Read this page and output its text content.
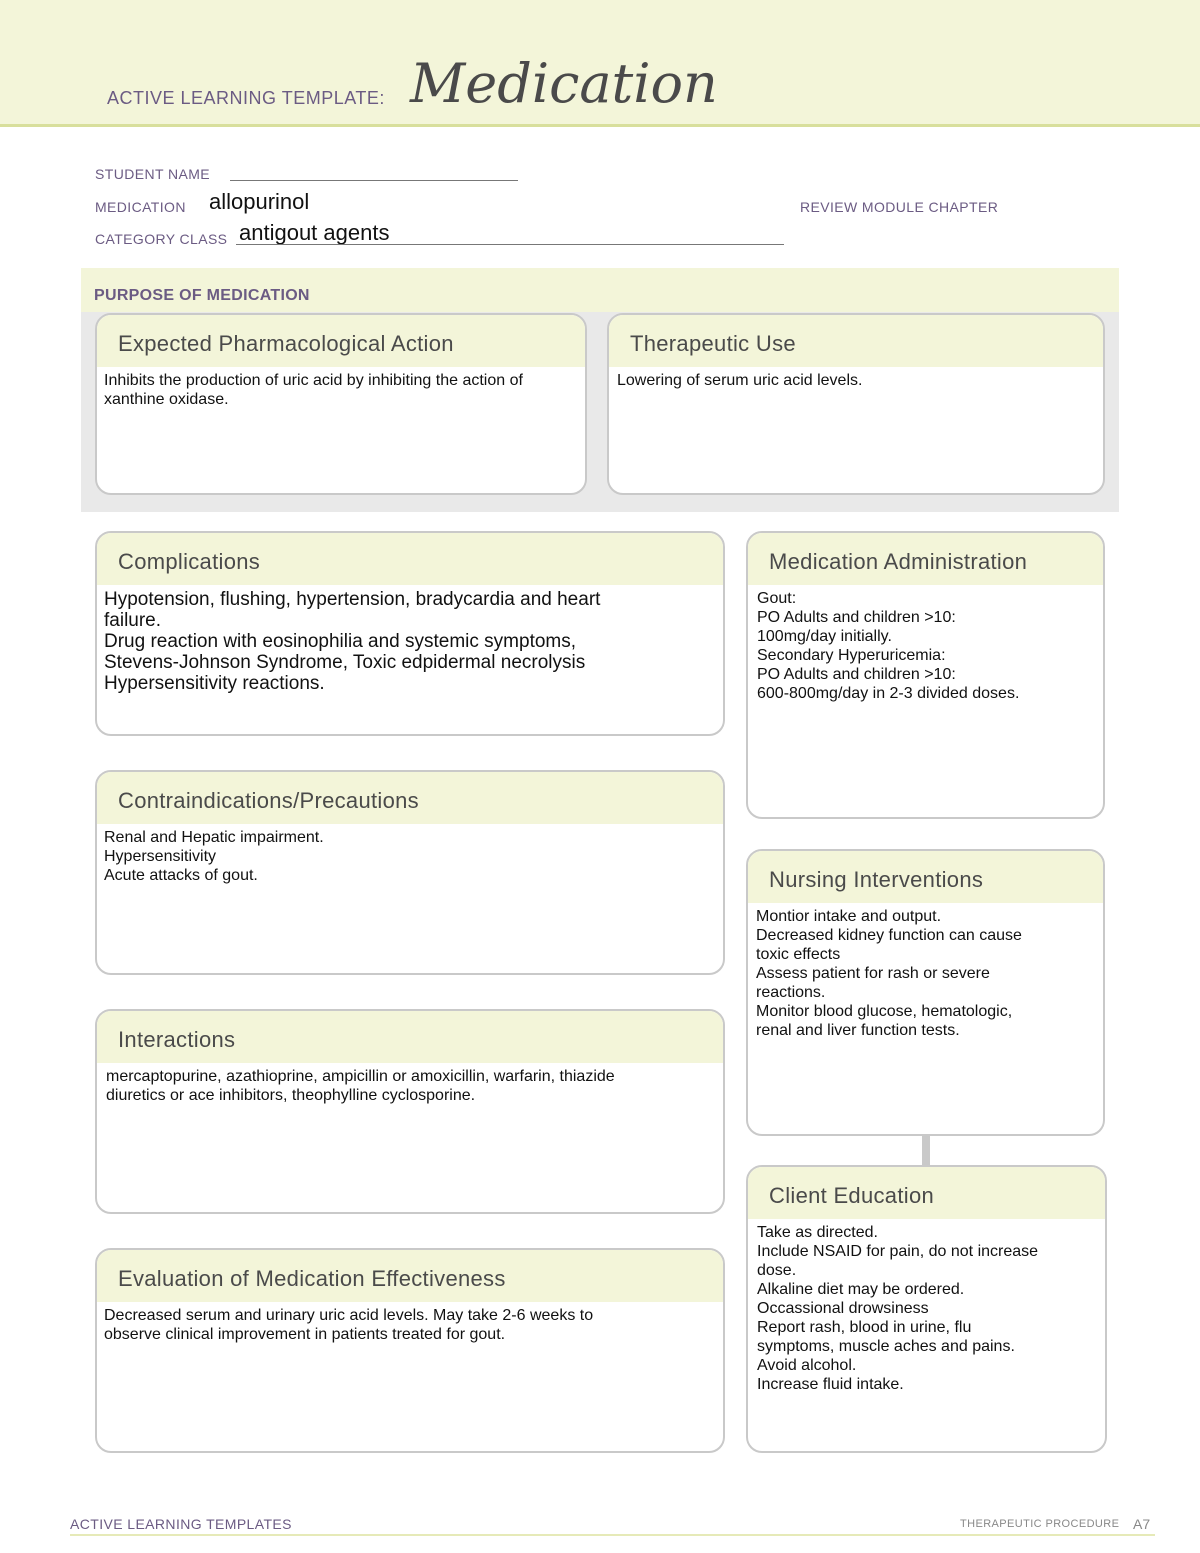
ACTIVE LEARNING TEMPLATE: Medication
STUDENT NAME
MEDICATION allopurinol	REVIEW MODULE CHAPTER
CATEGORY CLASS antigout agents
PURPOSE OF MEDICATION
Expected Pharmacological Action
Inhibits the production of uric acid by inhibiting the action of
xanthine oxidase.
Therapeutic Use
Lowering of serum uric acid levels.
Complications
Hypotension, flushing, hypertension, bradycardia and heart
failure.
Drug reaction with eosinophilia and systemic symptoms,
Stevens-Johnson Syndrome, Toxic edpidermal necrolysis
Hypersensitivity reactions.
Contraindications/Precautions
Renal and Hepatic impairment.
Hypersensitivity
Acute attacks of gout.
Interactions
mercaptopurine, azathioprine, ampicillin or amoxicillin, warfarin, thiazide
diuretics or ace inhibitors, theophylline cyclosporine.
Evaluation of Medication Effectiveness
Decreased serum and urinary uric acid levels. May take 2-6 weeks to
observe clinical improvement in patients treated for gout.
Medication Administration
Gout:
PO Adults and children >10:
100mg/day initially.
Secondary Hyperuricemia:
PO Adults and children >10:
600-800mg/day in 2-3 divided doses.
Nursing Interventions
Montior intake and output.
Decreased kidney function can cause
toxic effects
Assess patient for rash or severe
reactions.
Monitor blood glucose, hematologic,
renal and liver function tests.
Client Education
Take as directed.
Include NSAID for pain, do not increase
dose.
Alkaline diet may be ordered.
Occassional drowsiness
Report rash, blood in urine, flu
symptoms, muscle aches and pains.
Avoid alcohol.
Increase fluid intake.
ACTIVE LEARNING TEMPLATES	THERAPEUTIC PROCEDURE A7
